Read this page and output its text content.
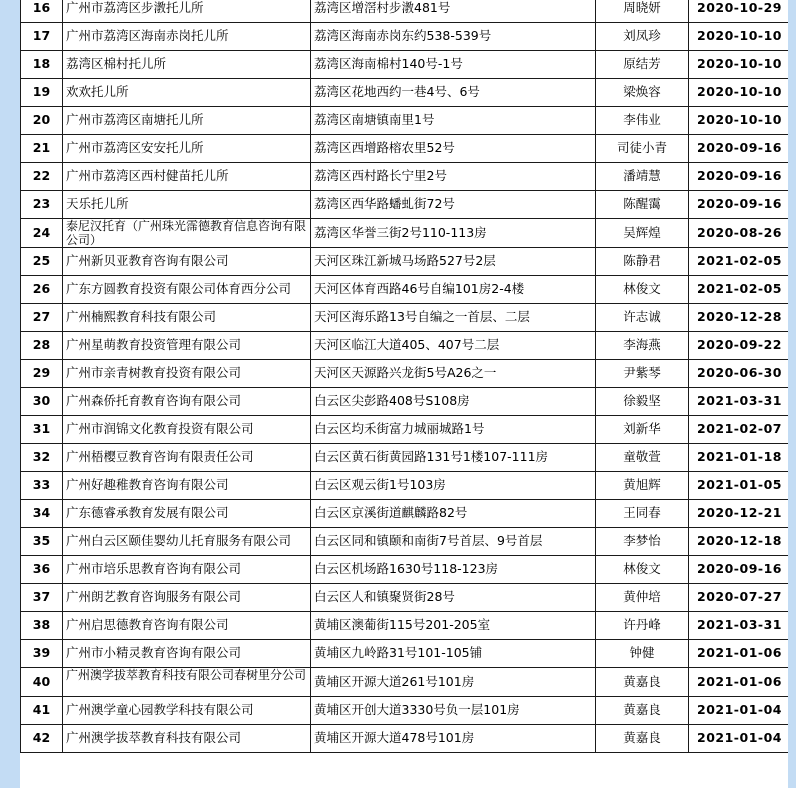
16	广州市荔湾区步漖托儿所	荔湾区增滘村步漖481号	周晓妍	2020-10-29
17	广州市荔湾区海南赤岗托儿所	荔湾区海南赤岗东约538-539号	刘凤珍	2020-10-10
18	荔湾区棉村托儿所	荔湾区海南棉村140号-1号	原结芳	2020-10-10
19	欢欢托儿所	荔湾区花地西约一巷4号、6号	梁焕容	2020-10-10
20	广州市荔湾区南塘托儿所	荔湾区南塘镇南里1号	李伟业	2020-10-10
21	广州市荔湾区安安托儿所	荔湾区西增路榕农里52号	司徒小青	2020-09-16
22	广州市荔湾区西村健苗托儿所	荔湾区西村路长宁里2号	潘靖慧	2020-09-16
23	天乐托儿所	荔湾区西华路蟠虬街72号	陈醒霭	2020-09-16
24	泰尼汉托育（广州珠光霈德教育信息咨询有限公司）	荔湾区华誉三街2号110-113房	吴辉煌	2020-08-26
25	广州新贝亚教育咨询有限公司	天河区珠江新城马场路527号2层	陈静君	2021-02-05
26	广东方圆教育投资有限公司体育西分公司	天河区体育西路46号自编101房2-4楼	林俊文	2021-02-05
27	广州楠熙教育科技有限公司	天河区海乐路13号自编之一首层、二层	许志诚	2020-12-28
28	广州星萌教育投资管理有限公司	天河区临江大道405、407号二层	李海燕	2020-09-22
29	广州市亲青树教育投资有限公司	天河区天源路兴龙街5号A26之一	尹紫琴	2020-06-30
30	广州森侨托育教育咨询有限公司	白云区尖彭路408号S108房	徐毅坚	2021-03-31
31	广州市润锦文化教育投资有限公司	白云区均禾街富力城丽城路1号	刘新华	2021-02-07
32	广州梧樱豆教育咨询有限责任公司	白云区黄石街黄园路131号1楼107-111房	童敬萱	2021-01-18
33	广州好趣稚教育咨询有限公司	白云区观云街1号103房	黄旭辉	2021-01-05
34	广东德睿承教育发展有限公司	白云区京溪街道麒麟路82号	王同春	2020-12-21
35	广州白云区颐佳婴幼儿托育服务有限公司	白云区同和镇颐和南街7号首层、9号首层	李梦怡	2020-12-18
36	广州市培乐思教育咨询有限公司	白云区机场路1630号118-123房	林俊文	2020-09-16
37	广州朗艺教育咨询服务有限公司	白云区人和镇聚贤街28号	黄仲培	2020-07-27
38	广州启思德教育咨询有限公司	黄埔区澳葡街115号201-205室	许丹峰	2021-03-31
39	广州市小精灵教育咨询有限公司	黄埔区九岭路31号101-105铺	钟健	2021-01-06
40	广州澳学拔萃教育科技有限公司春树里分公司	黄埔区开源大道261号101房	黄嘉良	2021-01-06
41	广州澳学童心园教学科技有限公司	黄埔区开创大道3330号负一层101房	黄嘉良	2021-01-04
42	广州澳学拔萃教育科技有限公司	黄埔区开源大道478号101房	黄嘉良	2021-01-04
